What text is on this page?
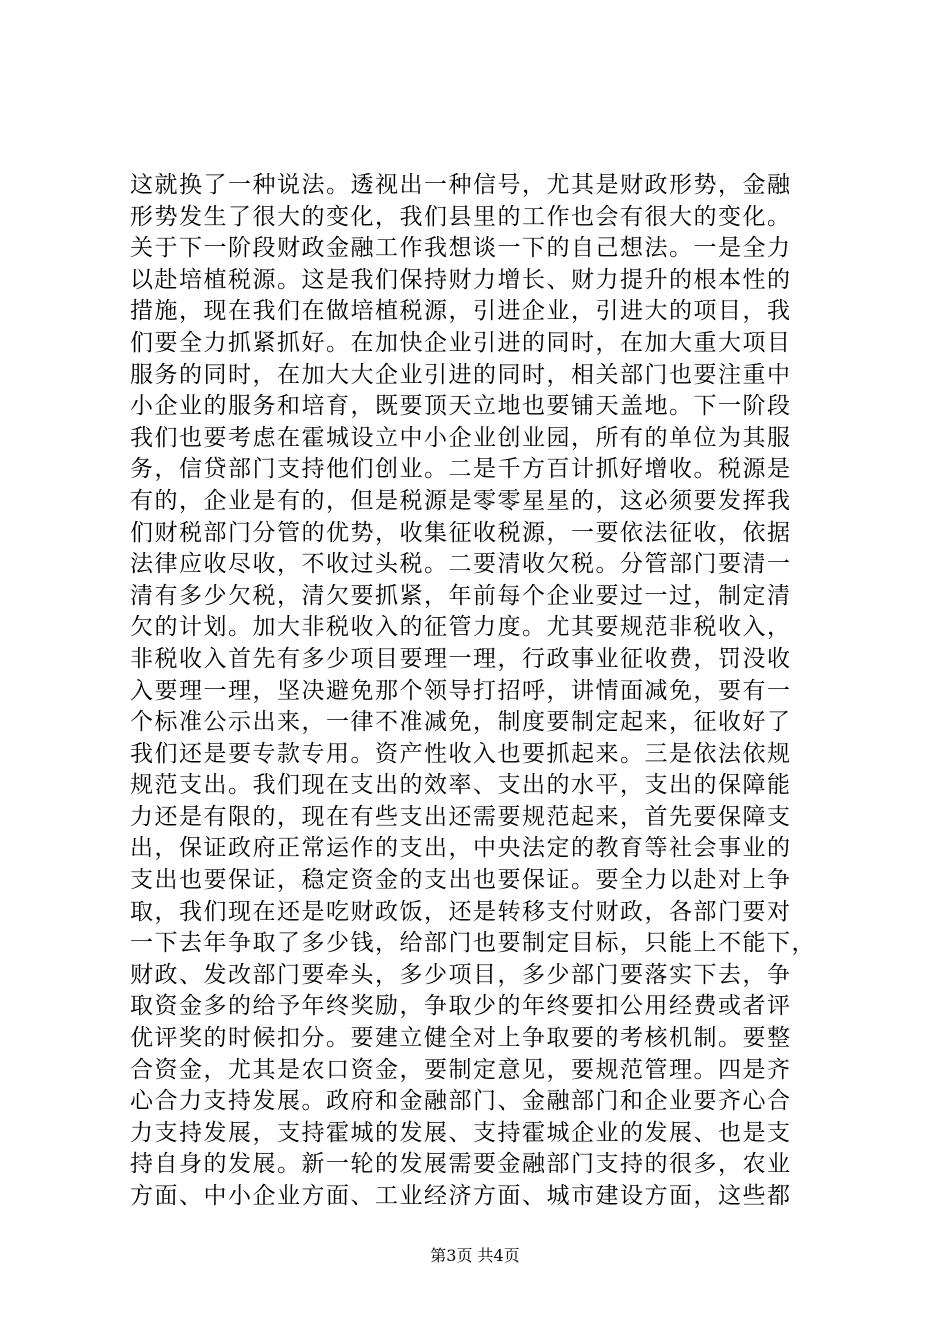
这就换了一种说法。透视出一种信号，尤其是财政形势，金融
形势发生了很大的变化，我们县里的工作也会有很大的变化。
关于下一阶段财政金融工作我想谈一下的自己想法。一是全力
以赴培植税源。这是我们保持财力增长、财力提升的根本性的
措施，现在我们在做培植税源，引进企业，引进大的项目，我
们要全力抓紧抓好。在加快企业引进的同时，在加大重大项目
服务的同时，在加大大企业引进的同时，相关部门也要注重中
小企业的服务和培育，既要顶天立地也要铺天盖地。下一阶段
我们也要考虑在霍城设立中小企业创业园，所有的单位为其服
务，信贷部门支持他们创业。二是千方百计抓好增收。税源是
有的，企业是有的，但是税源是零零星星的，这必须要发挥我
们财税部门分管的优势，收集征收税源，一要依法征收，依据
法律应收尽收，不收过头税。二要清收欠税。分管部门要清一
清有多少欠税，清欠要抓紧，年前每个企业要过一过，制定清
欠的计划。加大非税收入的征管力度。尤其要规范非税收入，
非税收入首先有多少项目要理一理，行政事业征收费，罚没收
入要理一理，坚决避免那个领导打招呼，讲情面减免，要有一
个标准公示出来，一律不准减免，制度要制定起来，征收好了
我们还是要专款专用。资产性收入也要抓起来。三是依法依规
规范支出。我们现在支出的效率、支出的水平，支出的保障能
力还是有限的，现在有些支出还需要规范起来，首先要保障支
出，保证政府正常运作的支出，中央法定的教育等社会事业的
支出也要保证，稳定资金的支出也要保证。要全力以赴对上争
取，我们现在还是吃财政饭，还是转移支付财政，各部门要对
一下去年争取了多少钱，给部门也要制定目标，只能上不能下，
财政、发改部门要牵头，多少项目，多少部门要落实下去，争
取资金多的给予年终奖励，争取少的年终要扣公用经费或者评
优评奖的时候扣分。要建立健全对上争取要的考核机制。要整
合资金，尤其是农口资金，要制定意见，要规范管理。四是齐
心合力支持发展。政府和金融部门、金融部门和企业要齐心合
力支持发展，支持霍城的发展、支持霍城企业的发展、也是支
持自身的发展。新一轮的发展需要金融部门支持的很多，农业
方面、中小企业方面、工业经济方面、城市建设方面，这些都
第3页 共4页
